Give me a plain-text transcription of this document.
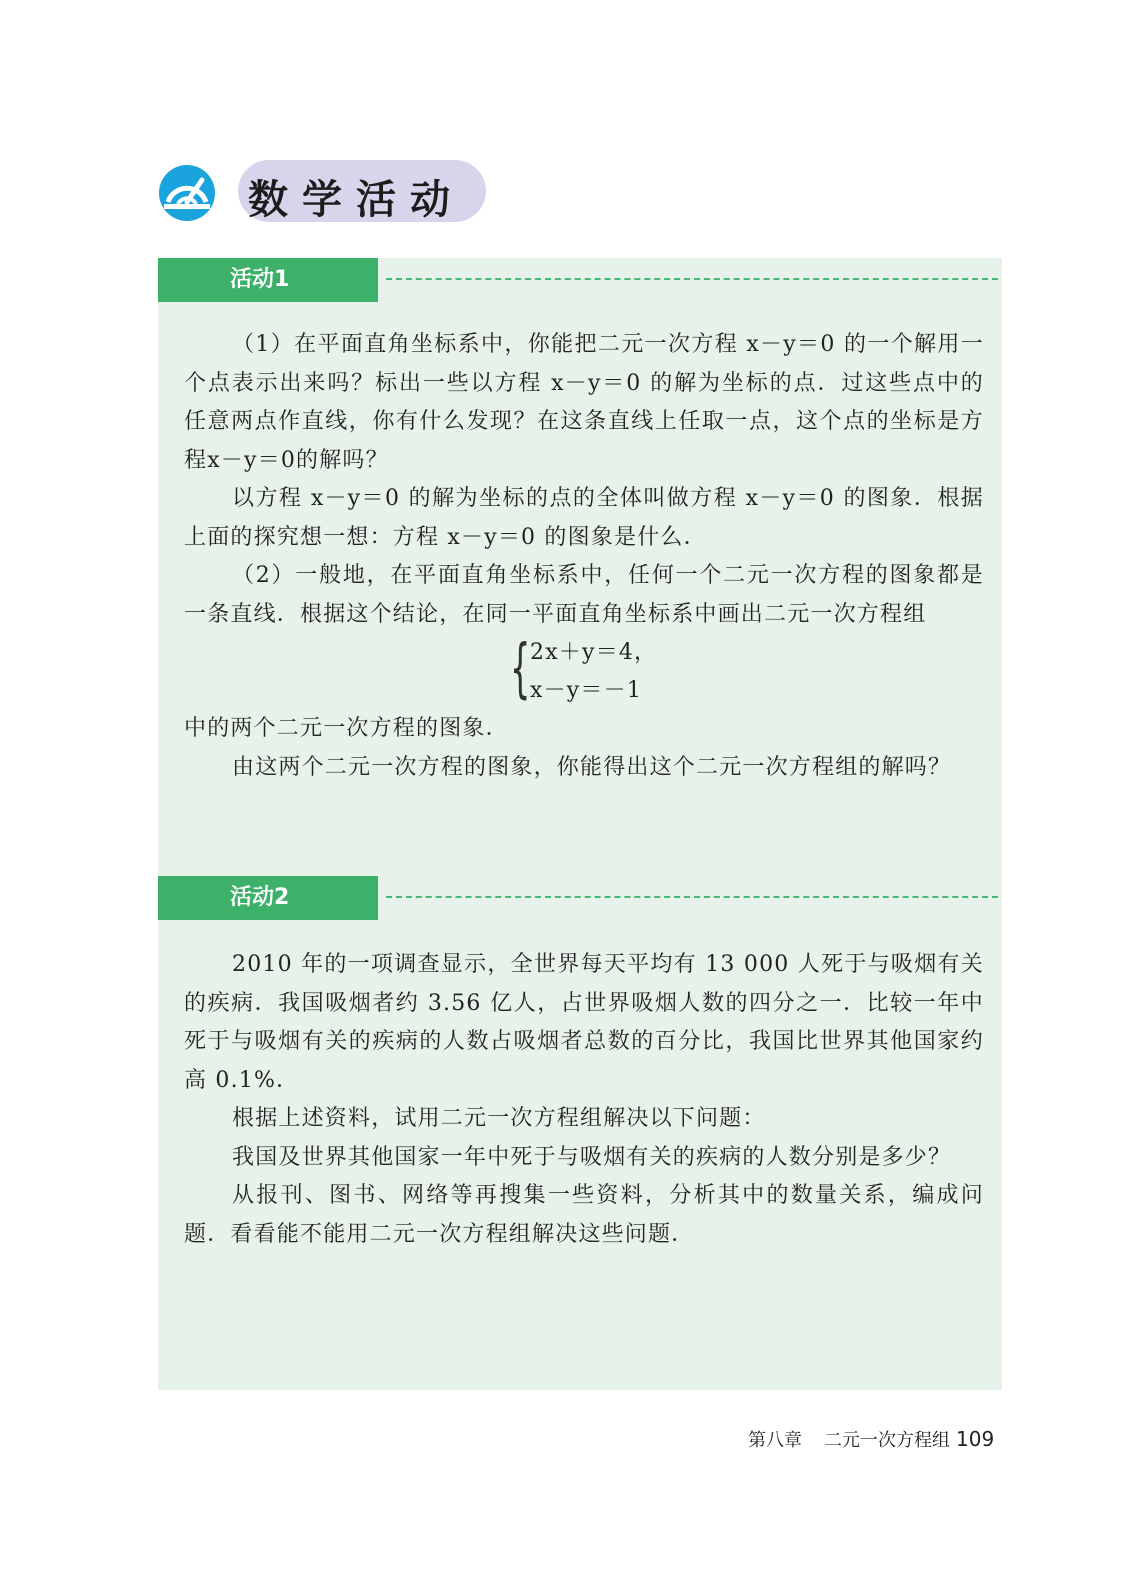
数学活动
活动1

（1）在平面直角坐标系中，你能把二元一次方程 x－y＝0 的一个解用一个点表示出来吗？标出一些以方程 x－y＝0 的解为坐标的点．过这些点中的任意两点作直线，你有什么发现？在这条直线上任取一点，这个点的坐标是方程x－y＝0的解吗？

以方程 x－y＝0 的解为坐标的点的全体叫做方程 x－y＝0 的图象．根据上面的探究想一想：方程 x－y＝0 的图象是什么．

（2）一般地，在平面直角坐标系中，任何一个二元一次方程的图象都是一条直线．根据这个结论，在同一平面直角坐标系中画出二元一次方程组

{ 2x＋y＝4，
x－y＝－1

中的两个二元一次方程的图象．

由这两个二元一次方程的图象，你能得出这个二元一次方程组的解吗？

活动2

2010 年的一项调查显示，全世界每天平均有 13 000 人死于与吸烟有关的疾病．我国吸烟者约 3.56 亿人，占世界吸烟人数的四分之一．比较一年中死于与吸烟有关的疾病的人数占吸烟者总数的百分比，我国比世界其他国家约高 0.1%．

根据上述资料，试用二元一次方程组解决以下问题：

我国及世界其他国家一年中死于与吸烟有关的疾病的人数分别是多少？

从报刊、图书、网络等再搜集一些资料，分析其中的数量关系，编成问题．看看能不能用二元一次方程组解决这些问题．

第八章 二元一次方程组 109
